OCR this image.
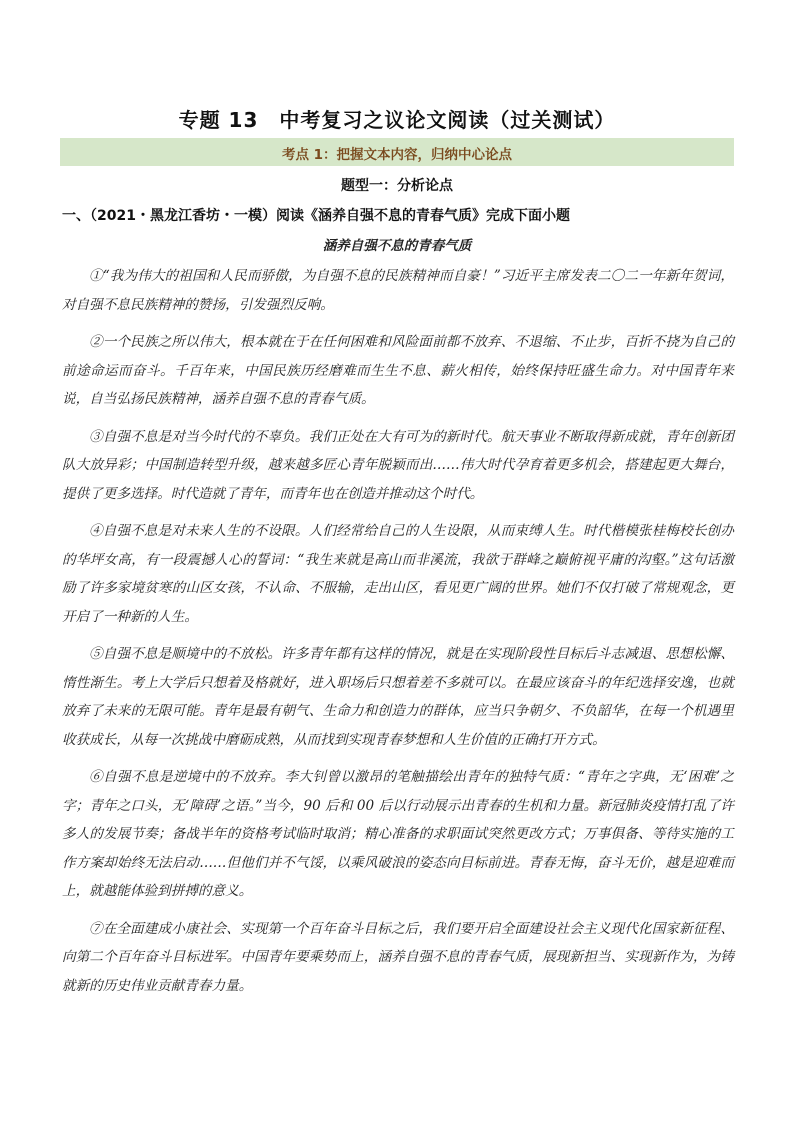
专题 13　中考复习之议论文阅读（过关测试）
考点 1：把握文本内容，归纳中心论点
题型一：分析论点
一、（2021・黑龙江香坊・一模）阅读《涵养自强不息的青春气质》完成下面小题
涵养自强不息的青春气质

①“我为伟大的祖国和人民而骄傲，为自强不息的民族精神而自豪！”习近平主席发表二〇二一年新年贺词，对自强不息民族精神的赞扬，引发强烈反响。

②一个民族之所以伟大，根本就在于在任何困难和风险面前都不放弃、不退缩、不止步，百折不挠为自己的前途命运而奋斗。千百年来，中国民族历经磨难而生生不息、薪火相传，始终保持旺盛生命力。对中国青年来说，自当弘扬民族精神，涵养自强不息的青春气质。

③自强不息是对当今时代的不辜负。我们正处在大有可为的新时代。航天事业不断取得新成就，青年创新团队大放异彩；中国制造转型升级，越来越多匠心青年脱颖而出……伟大时代孕育着更多机会，搭建起更大舞台，提供了更多选择。时代造就了青年，而青年也在创造并推动这个时代。

④自强不息是对未来人生的不设限。人们经常给自己的人生设限，从而束缚人生。时代楷模张桂梅校长创办的华坪女高，有一段震撼人心的誓词：“我生来就是高山而非溪流，我欲于群峰之巅俯视平庸的沟壑。”这句话激励了许多家境贫寒的山区女孩，不认命、不服输，走出山区，看见更广阔的世界。她们不仅打破了常规观念，更开启了一种新的人生。

⑤自强不息是顺境中的不放松。许多青年都有这样的情况，就是在实现阶段性目标后斗志减退、思想松懈、惰性渐生。考上大学后只想着及格就好，进入职场后只想着差不多就可以。在最应该奋斗的年纪选择安逸，也就放弃了未来的无限可能。青年是最有朝气、生命力和创造力的群体，应当只争朝夕、不负韶华，在每一个机遇里收获成长，从每一次挑战中磨砺成熟，从而找到实现青春梦想和人生价值的正确打开方式。

⑥自强不息是逆境中的不放弃。李大钊曾以激昂的笔触描绘出青年的独特气质：“青年之字典，无‘困难’之字；青年之口头，无‘障碍’之语。”当今，90 后和 00 后以行动展示出青春的生机和力量。新冠肺炎疫情打乱了许多人的发展节奏；备战半年的资格考试临时取消；精心准备的求职面试突然更改方式；万事俱备、等待实施的工作方案却始终无法启动……但他们并不气馁，以乘风破浪的姿态向目标前进。青春无悔，奋斗无价，越是迎难而上，就越能体验到拼搏的意义。

⑦在全面建成小康社会、实现第一个百年奋斗目标之后，我们要开启全面建设社会主义现代化国家新征程、向第二个百年奋斗目标进军。中国青年要乘势而上，涵养自强不息的青春气质，展现新担当、实现新作为，为铸就新的历史伟业贡献青春力量。
